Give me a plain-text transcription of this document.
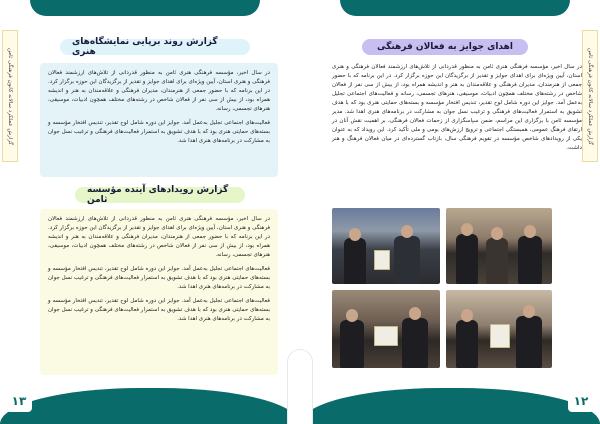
گزارش عملکرد سالانه کانون فرهنگی ثامن
گزارش روند برپایی نمایشگاه‌های هنری

در سال اخیر، مؤسسه فرهنگی هنری ثامن به منظور قدردانی از تلاش‌های ارزشمند فعالان فرهنگی و هنری استان، آیین ویژه‌ای برای اهدای جوایز و تقدیر از برگزیدگان این حوزه برگزار کرد. در این برنامه که با حضور جمعی از هنرمندان، مدیران فرهنگی و علاقه‌مندان به هنر و اندیشه همراه بود، از بیش از سی نفر از فعالان شاخص در رشته‌های مختلف همچون ادبیات، موسیقی، هنرهای تجسمی، رسانه.

فعالیت‌های اجتماعی تجلیل به‌عمل آمد. جوایز این دوره شامل لوح تقدیر، تندیس افتخار مؤسسه و بسته‌های حمایتی هنری بود که با هدف تشویق به استمرار فعالیت‌های فرهنگی و ترغیب نسل جوان به مشارکت در برنامه‌های هنری اهدا شد.

گزارش رویدادهای آینده مؤسسه ثامن

در سال اخیر، مؤسسه فرهنگی هنری ثامن به منظور قدردانی از تلاش‌های ارزشمند فعالان فرهنگی و هنری استان، آیین ویژه‌ای برای اهدای جوایز و تقدیر از برگزیدگان این حوزه برگزار کرد. در این برنامه که با حضور جمعی از هنرمندان، مدیران فرهنگی و علاقه‌مندان به هنر و اندیشه همراه بود، از بیش از سی نفر از فعالان شاخص در رشته‌های مختلف همچون ادبیات، موسیقی، هنرهای تجسمی، رسانه.

فعالیت‌های اجتماعی تجلیل به‌عمل آمد. جوایز این دوره شامل لوح تقدیر، تندیس افتخار مؤسسه و بسته‌های حمایتی هنری بود که با هدف تشویق به استمرار فعالیت‌های فرهنگی و ترغیب نسل جوان به مشارکت در برنامه‌های هنری اهدا شد.

فعالیت‌های اجتماعی تجلیل به‌عمل آمد. جوایز این دوره شامل لوح تقدیر، تندیس افتخار مؤسسه و بسته‌های حمایتی هنری بود که با هدف تشویق به استمرار فعالیت‌های فرهنگی و ترغیب نسل جوان به مشارکت در برنامه‌های هنری اهدا شد.

۱۳
گزارش عملکرد سالانه کانون فرهنگی ثامن
اهدای جوایز به فعالان فرهنگی

در سال اخیر، مؤسسه فرهنگی هنری ثامن به منظور قدردانی از تلاش‌های ارزشمند فعالان فرهنگی و هنری استان، آیین ویژه‌ای برای اهدای جوایز و تقدیر از برگزیدگان این حوزه برگزار کرد. در این برنامه که با حضور جمعی از هنرمندان، مدیران فرهنگی و علاقه‌مندان به هنر و اندیشه همراه بود، از بیش از سی نفر از فعالان شاخص در رشته‌های مختلف همچون ادبیات، موسیقی، هنرهای تجسمی، رسانه و فعالیت‌های اجتماعی تجلیل به‌عمل آمد. جوایز این دوره شامل لوح تقدیر، تندیس افتخار مؤسسه و بسته‌های حمایتی هنری بود که با هدف تشویق به استمرار فعالیت‌های فرهنگی و ترغیب نسل جوان به مشارکت در برنامه‌های هنری اهدا شد. مدیر مؤسسه ثامن با برگزاری این مراسم، ضمن سپاسگزاری از زحمات فعالان فرهنگی، بر اهمیت نقش آنان در ارتقای فرهنگ عمومی، همبستگی اجتماعی و ترویج ارزش‌های بومی و ملی تأکید کرد. این رویداد که به عنوان یکی از رویدادهای شاخص مؤسسه در تقویم فرهنگی سال، بازتاب گسترده‌ای در میان فعالان فرهنگ و هنر داشت.

۱۲
